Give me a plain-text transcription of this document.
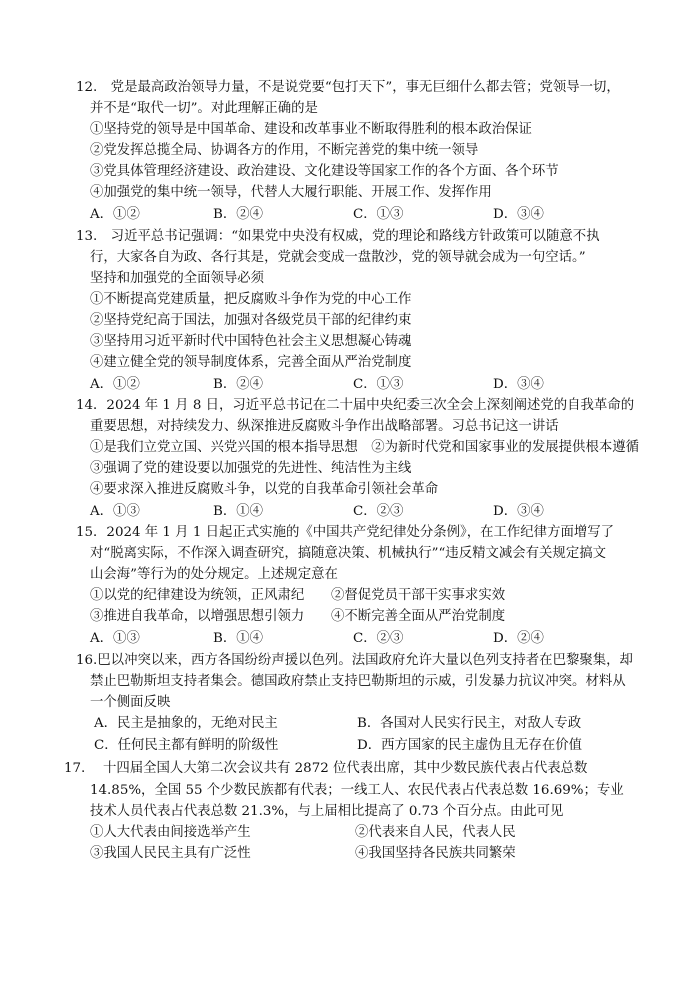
12.　党是最高政治领导力量，不是说党要“包打天下”，事无巨细什么都去管；党领导一切，
并不是“取代一切”。对此理解正确的是
①坚持党的领导是中国革命、建设和改革事业不断取得胜利的根本政治保证
②党发挥总揽全局、协调各方的作用，不断完善党的集中统一领导
③党具体管理经济建设、政治建设、文化建设等国家工作的各个方面、各个环节
④加强党的集中统一领导，代替人大履行职能、开展工作、发挥作用
A．①②	B．②④	C．①③	D．③④
13.　习近平总书记强调：“如果党中央没有权威，党的理论和路线方针政策可以随意不执
行，大家各自为政、各行其是，党就会变成一盘散沙，党的领导就会成为一句空话。”
坚持和加强党的全面领导必须
①不断提高党建质量，把反腐败斗争作为党的中心工作
②坚持党纪高于国法，加强对各级党员干部的纪律约束
③坚持用习近平新时代中国特色社会主义思想凝心铸魂
④建立健全党的领导制度体系，完善全面从严治党制度
A．①②	B．②④	C．①③	D．③④
14．2024 年 1 月 8 日，习近平总书记在二十届中央纪委三次全会上深刻阐述党的自我革命的
重要思想，对持续发力、纵深推进反腐败斗争作出战略部署。习总书记这一讲话
①是我们立党立国、兴党兴国的根本指导思想　②为新时代党和国家事业的发展提供根本遵循
③强调了党的建设要以加强党的先进性、纯洁性为主线
④要求深入推进反腐败斗争，以党的自我革命引领社会革命
A．①③	B．①④	C．②③	D．③④
15．2024 年 1 月 1 日起正式实施的《中国共产党纪律处分条例》，在工作纪律方面增写了
对“脱离实际，不作深入调查研究，搞随意决策、机械执行”“违反精文减会有关规定搞文
山会海”等行为的处分规定。上述规定意在
①以党的纪律建设为统领，正风肃纪　　②督促党员干部干实事求实效
③推进自我革命，以增强思想引领力　　④不断完善全面从严治党制度
A．①③	B．①④	C．②③	D．②④
16.巴以冲突以来，西方各国纷纷声援以色列。法国政府允许大量以色列支持者在巴黎聚集，却
禁止巴勒斯坦支持者集会。德国政府禁止支持巴勒斯坦的示威，引发暴力抗议冲突。材料从
一个侧面反映
A．民主是抽象的，无绝对民主	B．各国对人民实行民主，对敌人专政
C．任何民主都有鲜明的阶级性	D．西方国家的民主虚伪且无存在价值
17.　 十四届全国人大第二次会议共有 2872 位代表出席，其中少数民族代表占代表总数
14.85%，全国 55 个少数民族都有代表；一线工人、农民代表占代表总数 16.69%；专业
技术人员代表占代表总数 21.3%，与上届相比提高了 0.73 个百分点。由此可见
①人大代表由间接选举产生	②代表来自人民，代表人民
③我国人民民主具有广泛性	④我国坚持各民族共同繁荣
